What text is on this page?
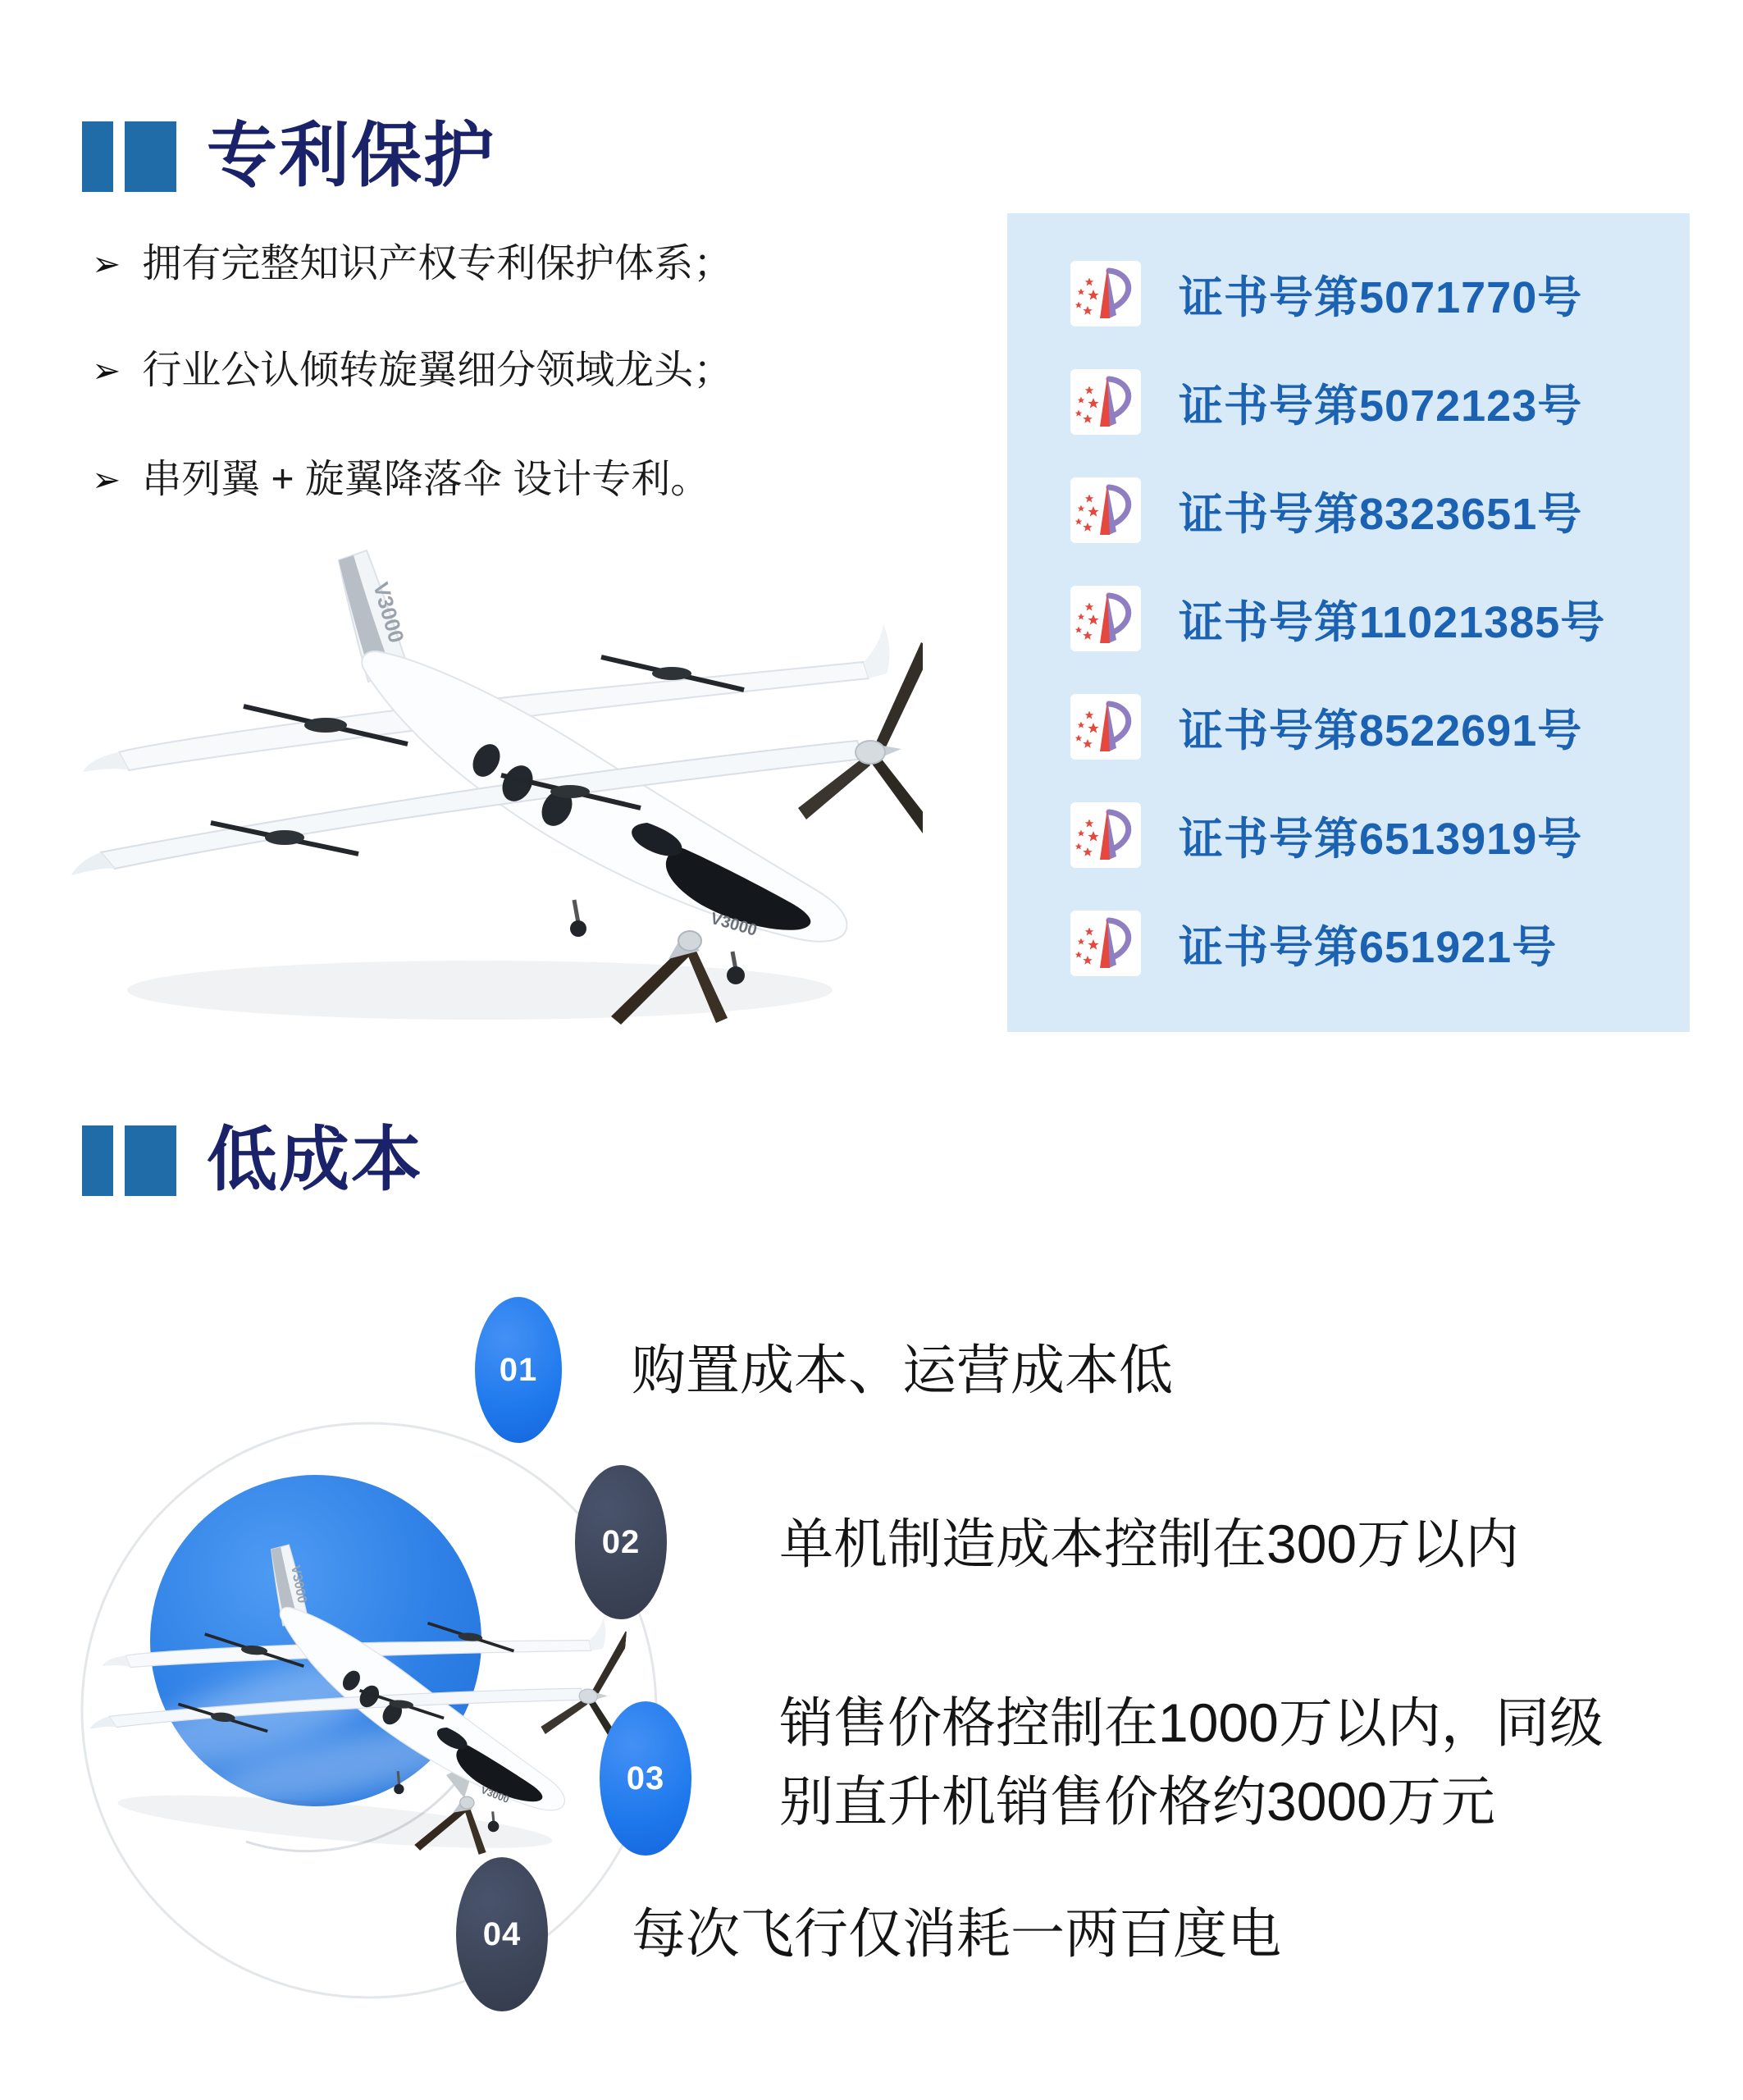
专利保护
➢ 拥有完整知识产权专利保护体系；
➢ 行业公认倾转旋翼细分领域龙头；
➢ 串列翼 + 旋翼降落伞 设计专利。
证书号第5071770号
证书号第5072123号
证书号第8323651号
证书号第11021385号
证书号第8522691号
证书号第6513919号
证书号第651921号
低成本
01
02
03
04
购置成本、运营成本低
单机制造成本控制在300万以内
销售价格控制在1000万以内，同级
别直升机销售价格约3000万元
每次飞行仅消耗一两百度电
